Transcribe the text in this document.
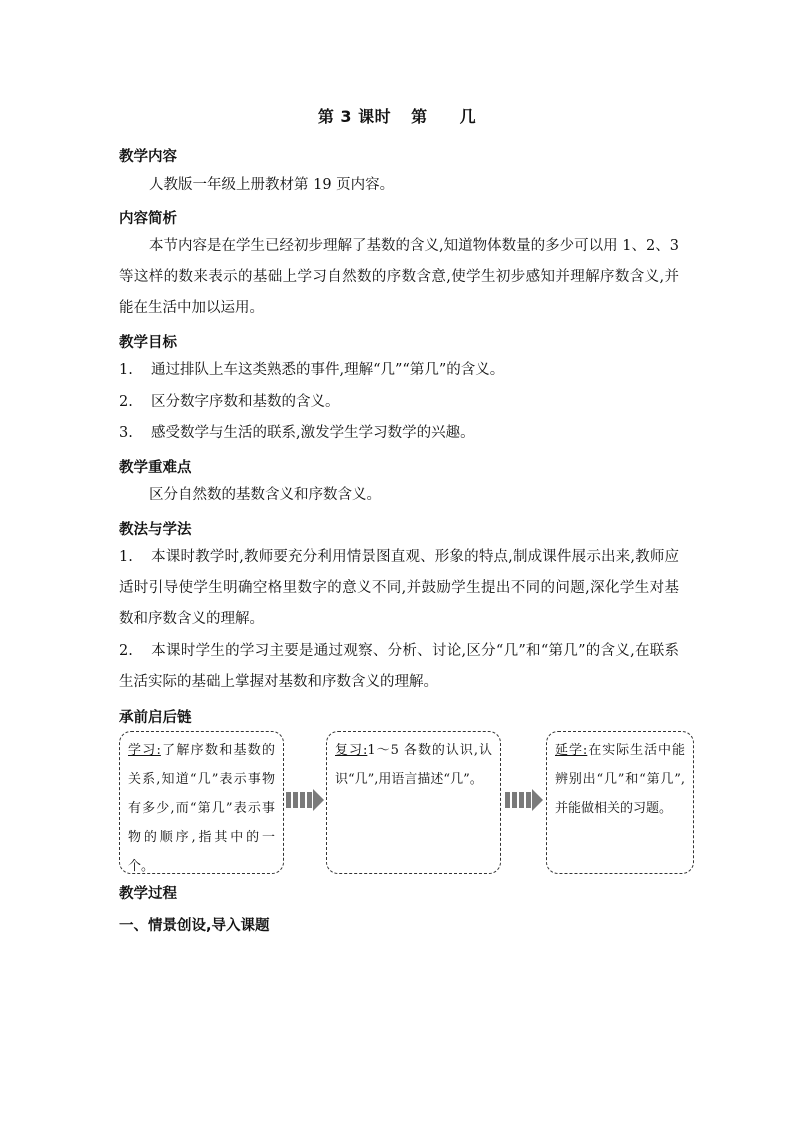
第 3 课时 第 几
教学内容
人教版一年级上册教材第 19 页内容。
内容简析
本节内容是在学生已经初步理解了基数的含义,知道物体数量的多少可以用 1、2、3 等这样的数来表示的基础上学习自然数的序数含意,使学生初步感知并理解序数含义,并能在生活中加以运用。
教学目标
1. 通过排队上车这类熟悉的事件,理解“几”“第几”的含义。
2. 区分数字序数和基数的含义。
3. 感受数学与生活的联系,激发学生学习数学的兴趣。
教学重难点
区分自然数的基数含义和序数含义。
教法与学法
1. 本课时教学时,教师要充分利用情景图直观、形象的特点,制成课件展示出来,教师应适时引导使学生明确空格里数字的意义不同,并鼓励学生提出不同的问题,深化学生对基数和序数含义的理解。
2. 本课时学生的学习主要是通过观察、分析、讨论,区分“几”和“第几”的含义,在联系生活实际的基础上掌握对基数和序数含义的理解。
承前启后链
学习:了解序数和基数的关系,知道“几”表示事物有多少,而“第几”表示事物的顺序,指其中的一个。
复习:1～5 各数的认识,认识“几”,用语言描述“几”。
延学:在实际生活中能辨别出“几”和“第几”,并能做相关的习题。
教学过程
一、情景创设,导入课题
